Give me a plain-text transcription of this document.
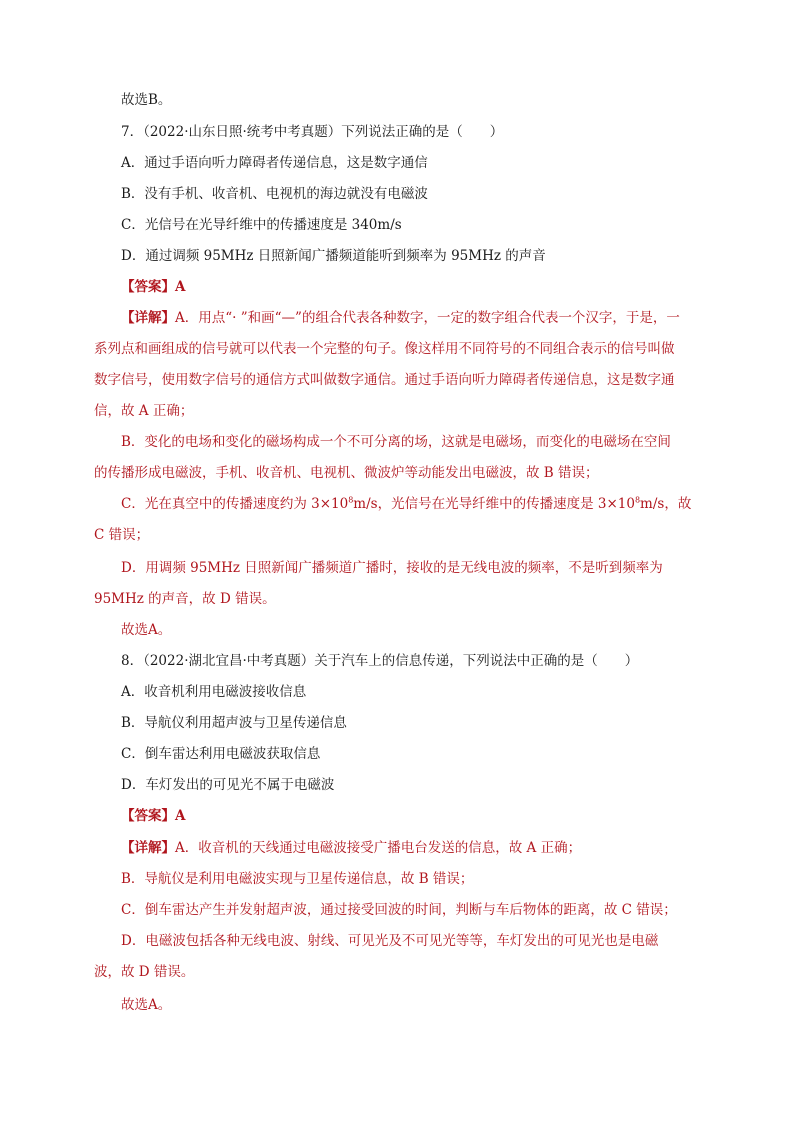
故选B。
7．（2022·山东日照·统考中考真题）下列说法正确的是（　　）
A．通过手语向听力障碍者传递信息，这是数字通信
B．没有手机、收音机、电视机的海边就没有电磁波
C．光信号在光导纤维中的传播速度是 340m/s
D．通过调频 95MHz 日照新闻广播频道能听到频率为 95MHz 的声音
【答案】A
【详解】A．用点“· ”和画“—”的组合代表各种数字，一定的数字组合代表一个汉字，于是，一
系列点和画组成的信号就可以代表一个完整的句子。像这样用不同符号的不同组合表示的信号叫做
数字信号，使用数字信号的通信方式叫做数字通信。通过手语向听力障碍者传递信息，这是数字通
信，故 A 正确；
B．变化的电场和变化的磁场构成一个不可分离的场，这就是电磁场，而变化的电磁场在空间
的传播形成电磁波，手机、收音机、电视机、微波炉等动能发出电磁波，故 B 错误；
C．光在真空中的传播速度约为 $3\times 10^8m/s$，光信号在光导纤维中的传播速度是 $3\times 10^8m/s$，故
C 错误；
D．用调频 95MHz 日照新闻广播频道广播时，接收的是无线电波的频率，不是听到频率为
95MHz 的声音，故 D 错误。
故选A。
8．（2022·湖北宜昌·中考真题）关于汽车上的信息传递，下列说法中正确的是（　　）
A．收音机利用电磁波接收信息
B．导航仪利用超声波与卫星传递信息
C．倒车雷达利用电磁波获取信息
D．车灯发出的可见光不属于电磁波
【答案】A
【详解】A．收音机的天线通过电磁波接受广播电台发送的信息，故 A 正确；
B．导航仪是利用电磁波实现与卫星传递信息，故 B 错误；
C．倒车雷达产生并发射超声波，通过接受回波的时间，判断与车后物体的距离，故 C 错误；
D．电磁波包括各种无线电波、射线、可见光及不可见光等等，车灯发出的可见光也是电磁
波，故 D 错误。
故选A。
